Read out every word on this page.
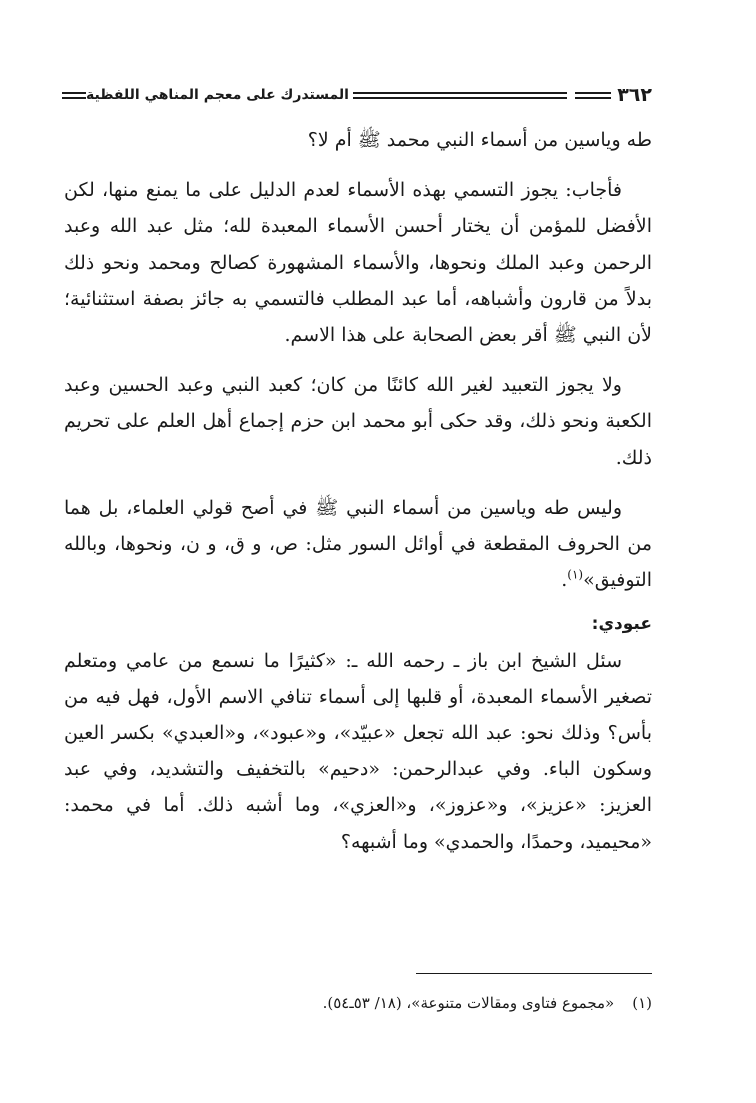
٣٦٢
المستدرك على معجم المناهي اللفظية

طه وياسين من أسماء النبي محمد ﷺ أم لا؟

فأجاب: يجوز التسمي بهذه الأسماء لعدم الدليل على ما يمنع منها، لكن الأفضل للمؤمن أن يختار أحسن الأسماء المعبدة لله؛ مثل عبد الله وعبد الرحمن وعبد الملك ونحوها، والأسماء المشهورة كصالح ومحمد ونحو ذلك بدلاً من قارون وأشباهه، أما عبد المطلب فالتسمي به جائز بصفة استثنائية؛ لأن النبي ﷺ أقر بعض الصحابة على هذا الاسم.

ولا يجوز التعبيد لغير الله كائنًا من كان؛ كعبد النبي وعبد الحسين وعبد الكعبة ونحو ذلك، وقد حكى أبو محمد ابن حزم إجماع أهل العلم على تحريم ذلك.

وليس طه وياسين من أسماء النبي ﷺ في أصح قولي العلماء، بل هما من الحروف المقطعة في أوائل السور مثل: ص، و ق، و ن، ونحوها، وبالله التوفيق»$^{(١)}$.

عبودي:

سئل الشيخ ابن باز ـ رحمه الله ـ: «كثيرًا ما نسمع من عامي ومتعلم تصغير الأسماء المعبدة، أو قلبها إلى أسماء تنافي الاسم الأول، فهل فيه من بأس؟ وذلك نحو: عبد الله تجعل «عبيّد»، و«عبود»، و«العبدي» بكسر العين وسكون الباء. وفي عبدالرحمن: «دحيم» بالتخفيف والتشديد، وفي عبد العزيز: «عزيز»، و«عزوز»، و«العزي»، وما أشبه ذلك. أما في محمد: «محيميد، وحمدًا، والحمدي» وما أشبهه؟

(١)«مجموع فتاوى ومقالات متنوعة»، (١٨/ ٥٣ـ٥٤).
